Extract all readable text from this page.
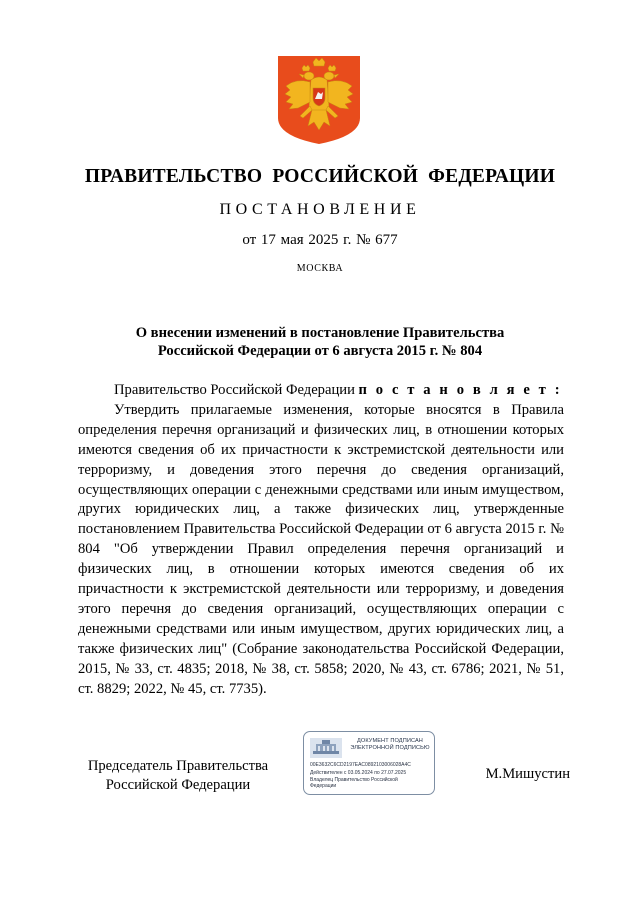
ПРАВИТЕЛЬСТВО РОССИЙСКОЙ ФЕДЕРАЦИИ
ПОСТАНОВЛЕНИЕ
от 17 мая 2025 г. № 677
МОСКВА
О внесении изменений в постановление Правительства
Российской Федерации от 6 августа 2015 г. № 804

Правительство Российской Федерации п о с т а н о в л я е т :

Утвердить прилагаемые изменения, которые вносятся в Правила определения перечня организаций и физических лиц, в отношении которых имеются сведения об их причастности к экстремистской деятельности или терроризму, и доведения этого перечня до сведения организаций, осуществляющих операции с денежными средствами или иным имуществом, других юридических лиц, а также физических лиц, утвержденные постановлением Правительства Российской Федерации от 6 августа 2015 г. № 804 "Об утверждении Правил определения перечня организаций и физических лиц, в отношении которых имеются сведения об их причастности к экстремистской деятельности или терроризму, и доведения этого перечня до сведения организаций, осуществляющих операции с денежными средствами или иным имуществом, других юридических лиц, а также физических лиц" (Собрание законодательства Российской Федерации, 2015, № 33, ст. 4835; 2018, № 38, ст. 5858; 2020, № 43, ст. 6786; 2021, № 51, ст. 8829; 2022, № 45, ст. 7735).

Председатель Правительства
Российской Федерации
ДОКУМЕНТ ПОДПИСАН
ЭЛЕКТРОННОЙ ПОДПИСЬЮ
00E3632C6CD2197EAC0892103006028A4C
Действителен с 03.05.2024 по 27.07.2025
Владелец Правительство Российской
Федерации
М.Мишустин
